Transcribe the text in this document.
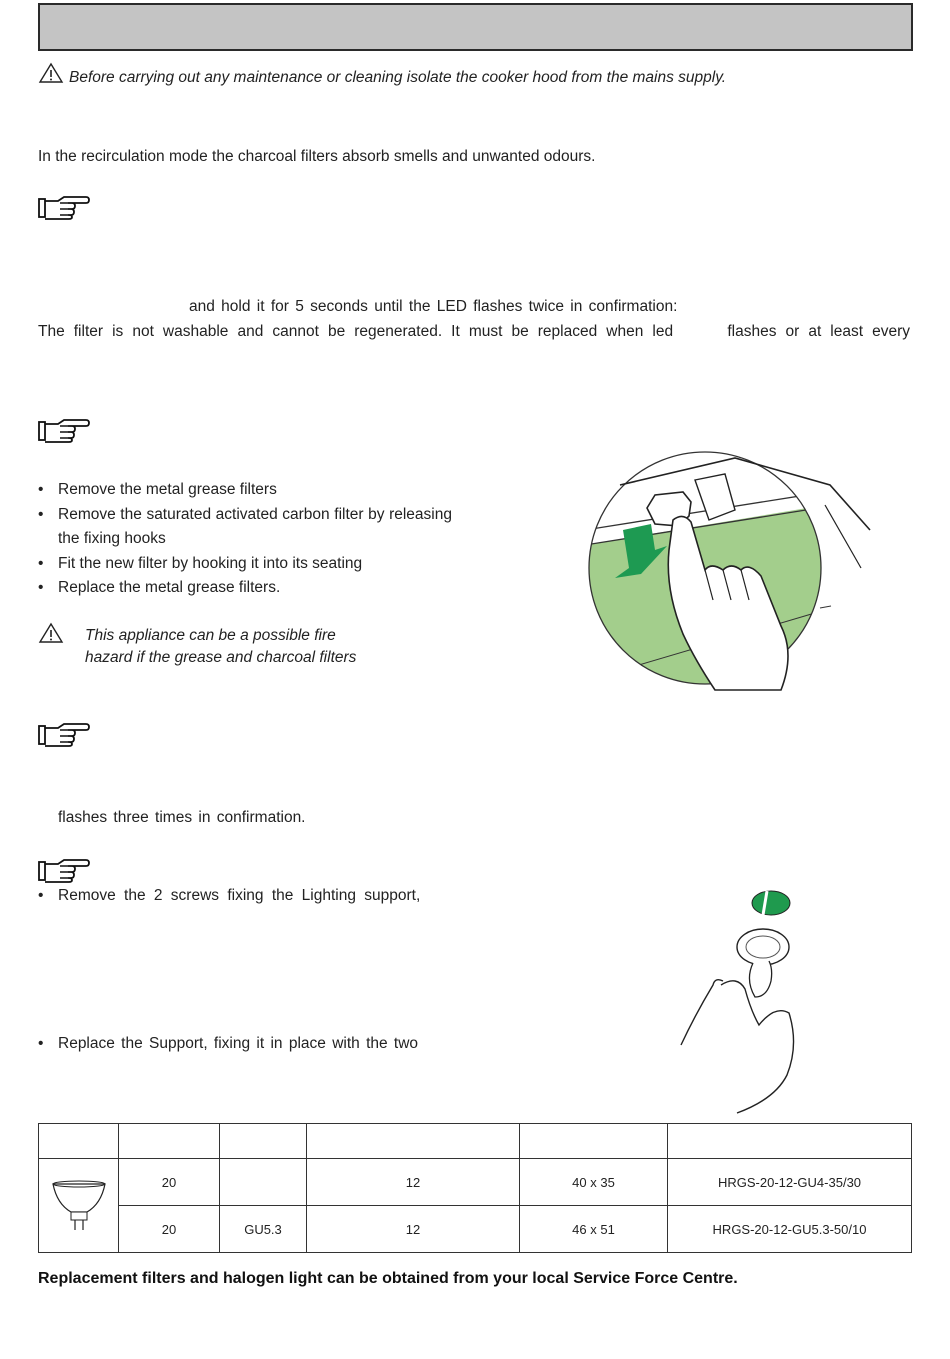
Before carrying out any maintenance or cleaning isolate the cooker hood from the mains supply.
In the recirculation mode the charcoal filters absorb smells and unwanted odours.
and hold it for 5 seconds until the LED flashes twice in confirmation:
The filter is not washable and cannot be regenerated. It must be replaced when led      flashes or at least every
• Remove the metal grease filters
• Remove the saturated activated carbon filter by releasing the fixing hooks
• Fit the new filter by hooking it into its seating
• Replace the metal grease filters.
This appliance can be a possible fire
hazard if the grease and charcoal filters
flashes three times in confirmation.
• Remove the 2 screws fixing the Lighting support,
• Replace the Support, fixing it in place with the two

	20		12	40 x 35	HRGS-20-12-GU4-35/30
	20	GU5.3	12	46 x 51	HRGS-20-12-GU5.3-50/10
Replacement filters and halogen light can be obtained from your local Service Force Centre.
